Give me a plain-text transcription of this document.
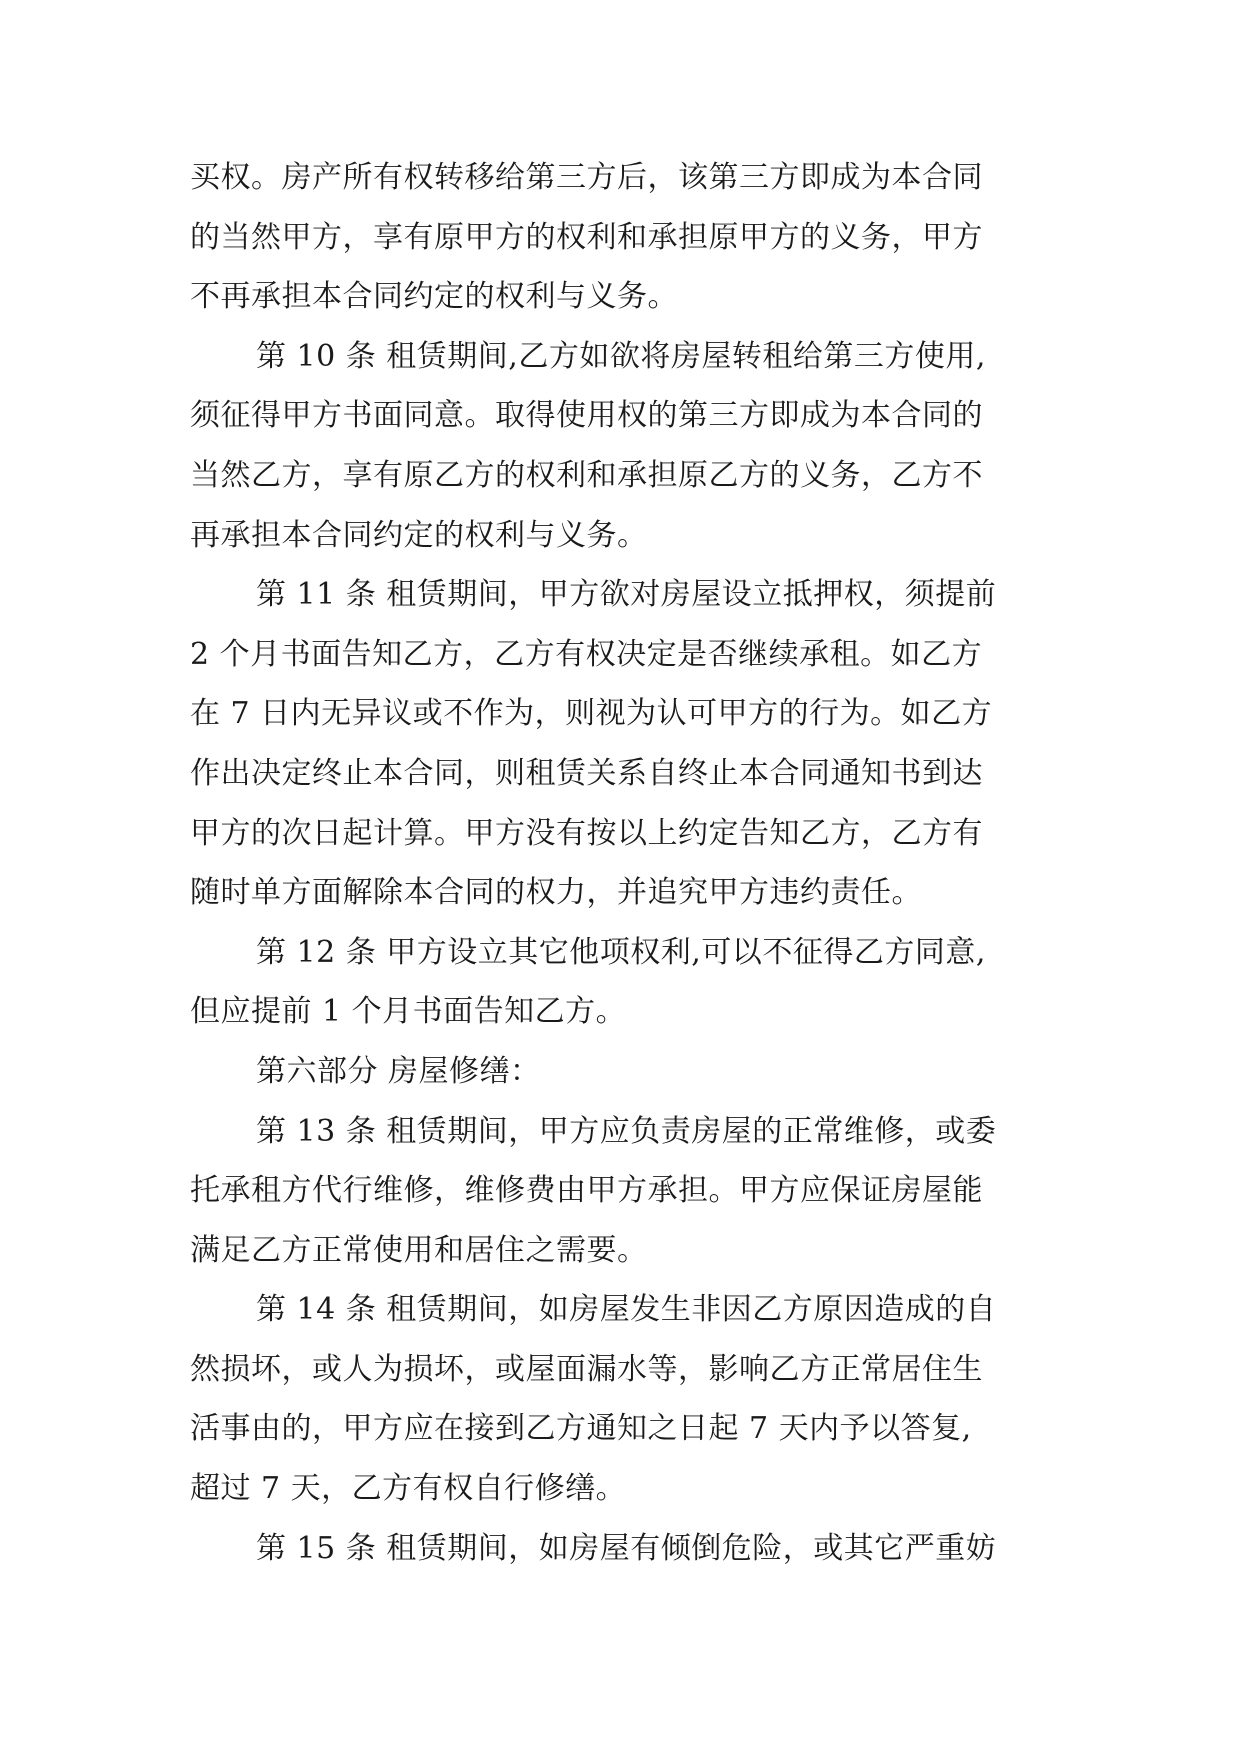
买权。房产所有权转移给第三方后，该第三方即成为本合同
的当然甲方，享有原甲方的权利和承担原甲方的义务，甲方
不再承担本合同约定的权利与义务。
第 10 条 租赁期间,乙方如欲将房屋转租给第三方使用,
须征得甲方书面同意。取得使用权的第三方即成为本合同的
当然乙方，享有原乙方的权利和承担原乙方的义务，乙方不
再承担本合同约定的权利与义务。
第 11 条 租赁期间，甲方欲对房屋设立抵押权，须提前
2 个月书面告知乙方，乙方有权决定是否继续承租。如乙方
在 7 日内无异议或不作为，则视为认可甲方的行为。如乙方
作出决定终止本合同，则租赁关系自终止本合同通知书到达
甲方的次日起计算。甲方没有按以上约定告知乙方，乙方有
随时单方面解除本合同的权力，并追究甲方违约责任。
第 12 条 甲方设立其它他项权利,可以不征得乙方同意,
但应提前 1 个月书面告知乙方。
第六部分 房屋修缮：
第 13 条 租赁期间，甲方应负责房屋的正常维修，或委
托承租方代行维修，维修费由甲方承担。甲方应保证房屋能
满足乙方正常使用和居住之需要。
第 14 条 租赁期间，如房屋发生非因乙方原因造成的自
然损坏，或人为损坏，或屋面漏水等，影响乙方正常居住生
活事由的，甲方应在接到乙方通知之日起 7 天内予以答复,
超过 7 天，乙方有权自行修缮。
第 15 条 租赁期间，如房屋有倾倒危险，或其它严重妨
